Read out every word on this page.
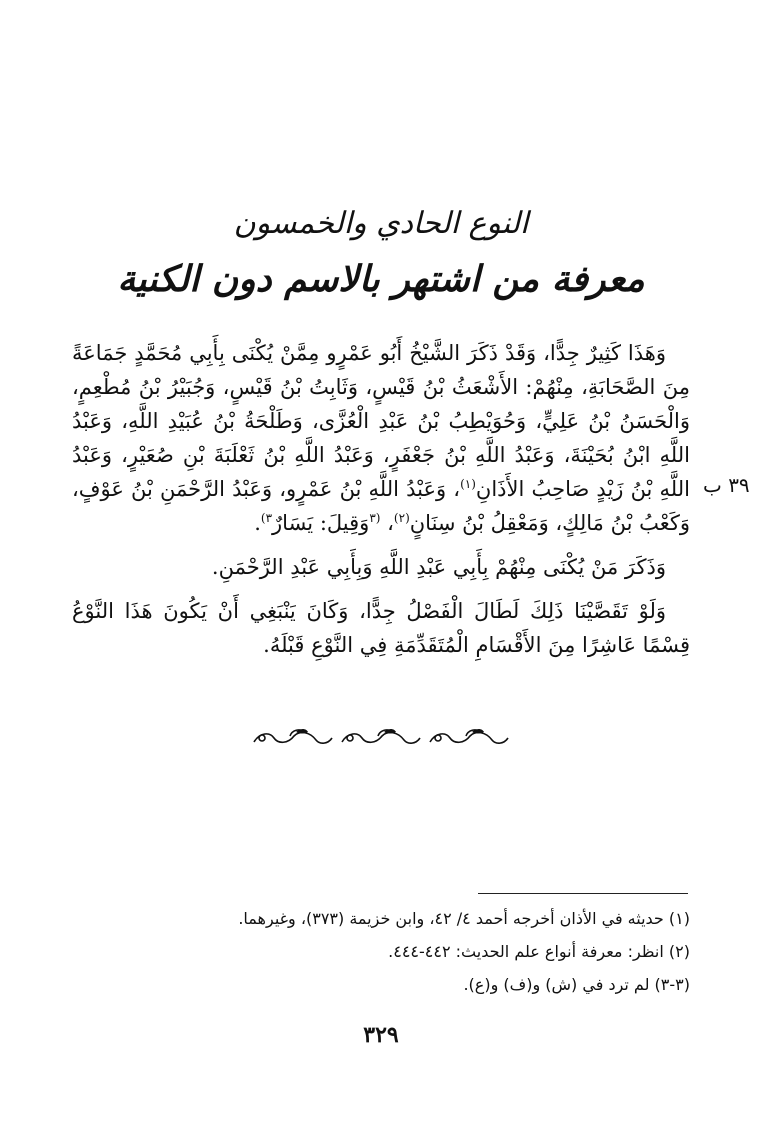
النوع الحادي والخمسون
معرفة من اشتهر بالاسم دون الكنية
٣٩ ب

وَهَذَا كَثِيرٌ جِدًّا، وَقَدْ ذَكَرَ الشَّيْخُ أَبُو عَمْرٍو مِمَّنْ يُكْنَى بِأَبِي مُحَمَّدٍ جَمَاعَةً مِنَ الصَّحَابَةِ، مِنْهُمْ: الأَشْعَثُ بْنُ قَيْسٍ، وَثَابِتُ بْنُ قَيْسٍ، وَجُبَيْرُ بْنُ مُطْعِمٍ، وَالْحَسَنُ بْنُ عَلِيٍّ، وَحُوَيْطِبُ بْنُ عَبْدِ الْعُزَّى، وَطَلْحَةُ بْنُ عُبَيْدِ اللَّهِ، وَعَبْدُ اللَّهِ ابْنُ بُحَيْنَةَ، وَعَبْدُ اللَّهِ بْنُ جَعْفَرٍ، وَعَبْدُ اللَّهِ بْنُ ثَعْلَبَةَ بْنِ صُعَيْرٍ، وَعَبْدُ اللَّهِ بْنُ زَيْدٍ صَاحِبُ الأَذَانِ$^{(١)}$، وَعَبْدُ اللَّهِ بْنُ عَمْرٍو، وَعَبْدُ الرَّحْمَنِ بْنُ عَوْفٍ، وَكَعْبُ بْنُ مَالِكٍ، وَمَعْقِلُ بْنُ سِنَانٍ$^{(٢)}$، $^{(٣}$وَقِيلَ: يَسَارٌ$^{٣)}$.

وَذَكَرَ مَنْ يُكْنَى مِنْهُمْ بِأَبِي عَبْدِ اللَّهِ وَبِأَبِي عَبْدِ الرَّحْمَنِ.

وَلَوْ تَقَصَّيْنَا ذَلِكَ لَطَالَ الْفَصْلُ جِدًّا، وَكَانَ يَنْبَغِي أَنْ يَكُونَ هَذَا النَّوْعُ قِسْمًا عَاشِرًا مِنَ الأَقْسَامِ الْمُتَقَدِّمَةِ فِي النَّوْعِ قَبْلَهُ.

(١) حديثه في الأذان أخرجه أحمد ٤/ ٤٢، وابن خزيمة (٣٧٣)، وغيرهما.
(٢) انظر: معرفة أنواع علم الحديث: ٤٤٢-٤٤٤.
(٣-٣) لم ترد في (ش) و(ف) و(ع).
٣٢٩
